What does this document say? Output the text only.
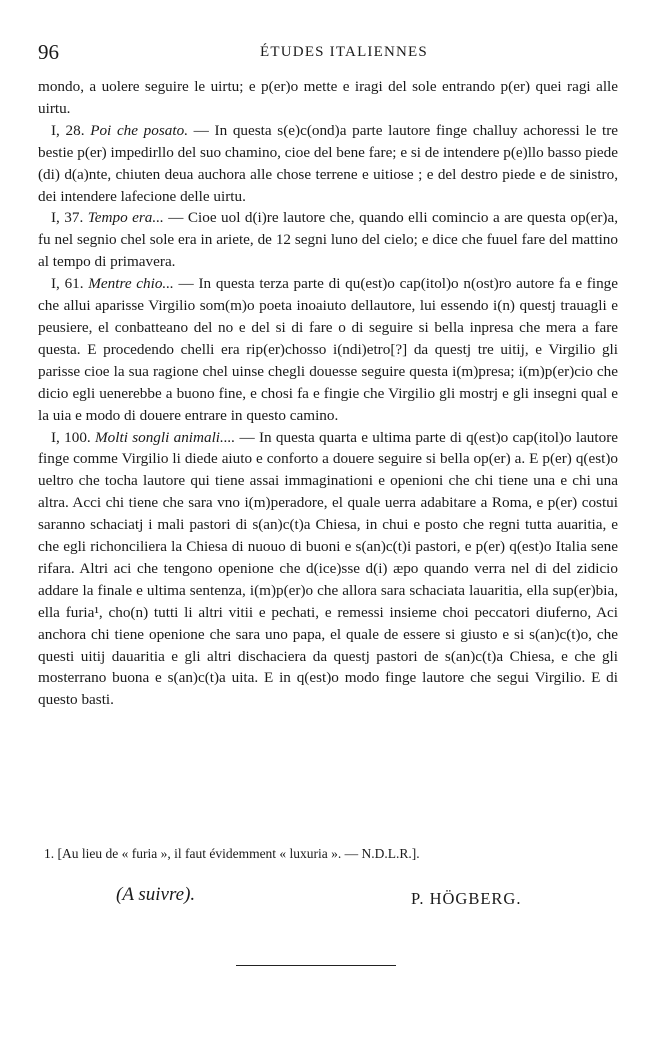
96	ÉTUDES ITALIENNES

mondo, a uolere seguire le uirtu; e p(er)o mette e iragi del sole entrando p(er) quei ragi alle uirtu.

I, 28. Poi che posato. — In questa s(e)c(ond)a parte lautore finge challuy achoressi le tre bestie p(er) impedirllo del suo chamino, cioe del bene fare; e si de intendere p(e)llo basso piede (di) d(a)nte, chiuten deua auchora alle chose terrene e uitiose ; e del destro piede e de sinistro, dei intendere lafecione delle uirtu.

I, 37. Tempo era... — Cioe uol d(i)re lautore che, quando elli comincio a are questa op(er)a, fu nel segnio chel sole era in ariete, de 12 segni luno del cielo; e dice che fuuel fare del mattino al tempo di primavera.

I, 61. Mentre chio... — In questa terza parte di qu(est)o cap(itol)o n(ost)ro autore fa e finge che allui aparisse Virgilio som(m)o poeta inoaiuto dellautore, lui essendo i(n) questj trauagli e peusiere, el conbatteano del no e del si di fare o di seguire si bella inpresa che mera a fare questa. E procedendo chelli era rip(er)chosso i(ndi)etro[?] da questj tre uitij, e Virgilio gli parisse cioe la sua ragione chel uinse chegli douesse seguire questa i(m)presa; i(m)p(er)cio che dicio egli uenerebbe a buono fine, e chosi fa e fingie che Virgilio gli mostrj e gli insegni qual e la uia e modo di douere entrare in questo camino.

I, 100. Molti songli animali.... — In questa quarta e ultima parte di q(est)o cap(itol)o lautore finge comme Virgilio li diede aiuto e conforto a douere seguire si bella op(er) a. E p(er) q(est)o ueltro che tocha lautore qui tiene assai immaginationi e openioni che chi tiene una e chi una altra. Acci chi tiene che sara vno i(m)peradore, el quale uerra adabitare a Roma, e p(er) costui saranno schaciatj i mali pastori di s(an)c(t)a Chiesa, in chui e posto che regni tutta auaritia, e che egli richonciliera la Chiesa di nuouo di buoni e s(an)c(t)i pastori, e p(er) q(est)o Italia sene rifara. Altri aci che tengono openione che d(ice)sse d(i) æpo quando verra nel di del zidicio addare la finale e ultima sentenza, i(m)p(er)o che allora sara schaciata lauaritia, ella sup(er)bia, ella furia¹, cho(n) tutti li altri vitii e pechati, e remessi insieme choi peccatori diuferno, Aci anchora chi tiene openione che sara uno papa, el quale de essere si giusto e si s(an)c(t)o, che questi uitij dauaritia e gli altri dischaciera da questj pastori de s(an)c(t)a Chiesa, e che gli mosterrano buona e s(an)c(t)a uita. E in q(est)o modo finge lautore che segui Virgilio. E di questo basti.

1. [Au lieu de « furia », il faut évidemment « luxuria ». — N.D.L.R.].
(A suivre).	P. HÖGBERG.
